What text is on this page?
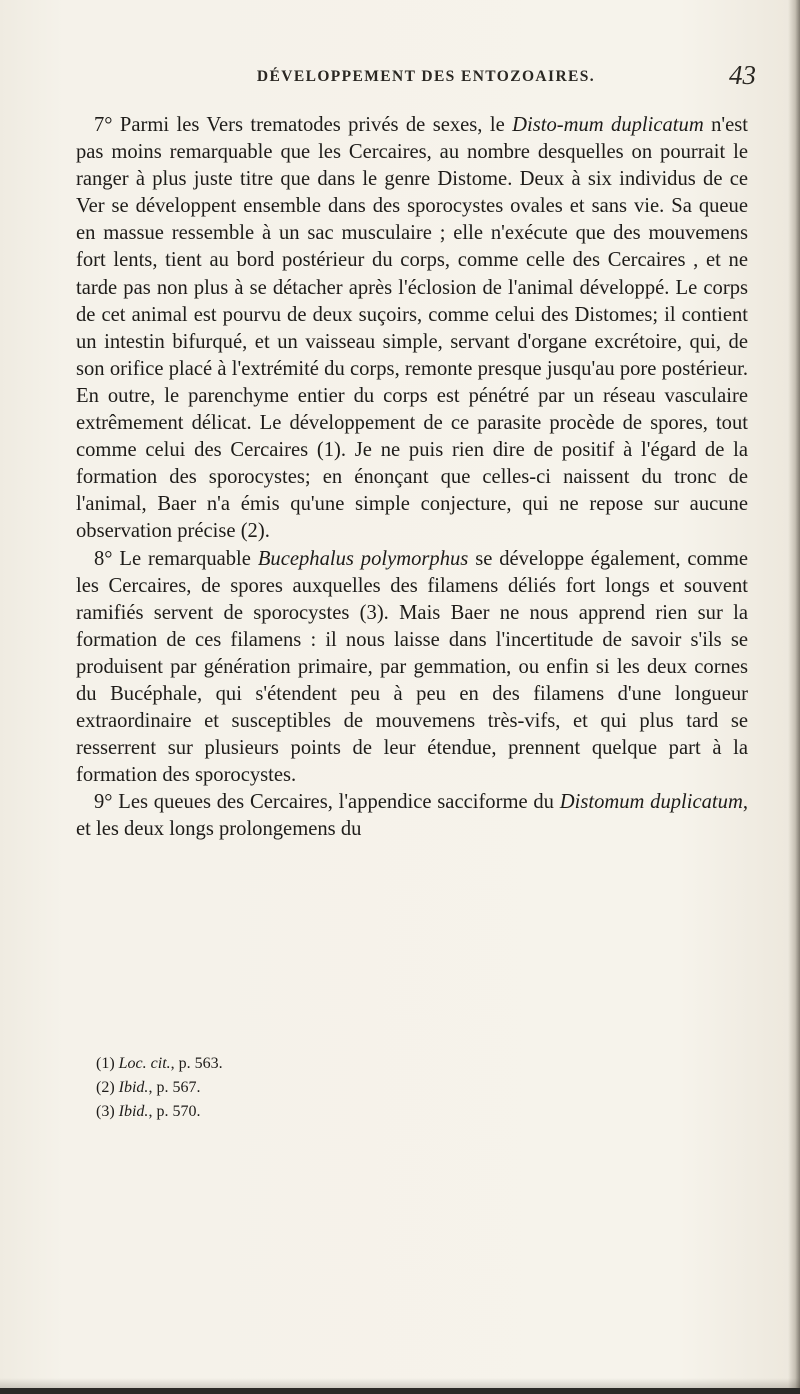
DÉVELOPPEMENT DES ENTOZOAIRES.	43

7° Parmi les Vers trematodes privés de sexes, le Disto-mum duplicatum n'est pas moins remarquable que les Cercaires, au nombre desquelles on pourrait le ranger à plus juste titre que dans le genre Distome. Deux à six individus de ce Ver se développent ensemble dans des sporocystes ovales et sans vie. Sa queue en massue ressemble à un sac musculaire ; elle n'exécute que des mouvemens fort lents, tient au bord postérieur du corps, comme celle des Cercaires , et ne tarde pas non plus à se détacher après l'éclosion de l'animal développé. Le corps de cet animal est pourvu de deux suçoirs, comme celui des Distomes; il contient un intestin bifurqué, et un vaisseau simple, servant d'organe excrétoire, qui, de son orifice placé à l'extrémité du corps, remonte presque jusqu'au pore postérieur. En outre, le parenchyme entier du corps est pénétré par un réseau vasculaire extrêmement délicat. Le développement de ce parasite procède de spores, tout comme celui des Cercaires (1). Je ne puis rien dire de positif à l'égard de la formation des sporocystes; en énonçant que celles-ci naissent du tronc de l'animal, Baer n'a émis qu'une simple conjecture, qui ne repose sur aucune observation précise (2).

8° Le remarquable Bucephalus polymorphus se développe également, comme les Cercaires, de spores auxquelles des filamens déliés fort longs et souvent ramifiés servent de sporocystes (3). Mais Baer ne nous apprend rien sur la formation de ces filamens : il nous laisse dans l'incertitude de savoir s'ils se produisent par génération primaire, par gemmation, ou enfin si les deux cornes du Bucéphale, qui s'étendent peu à peu en des filamens d'une longueur extraordinaire et susceptibles de mouvemens très-vifs, et qui plus tard se resserrent sur plusieurs points de leur étendue, prennent quelque part à la formation des sporocystes.

9° Les queues des Cercaires, l'appendice sacciforme du Distomum duplicatum, et les deux longs prolongemens du

(1) Loc. cit., p. 563.
(2) Ibid., p. 567.
(3) Ibid., p. 570.
